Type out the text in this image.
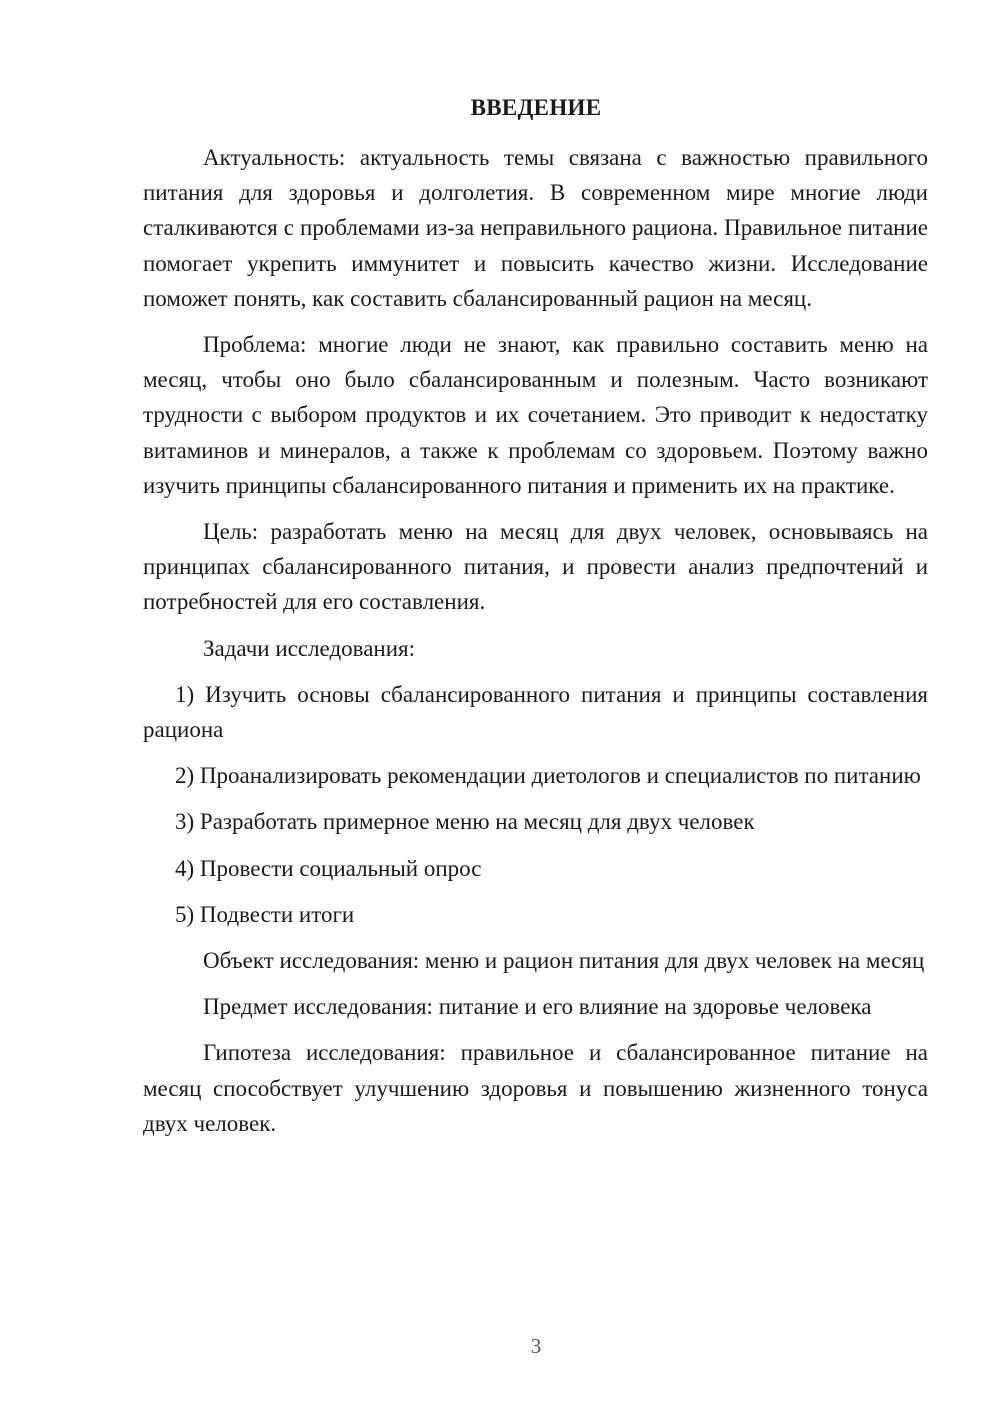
ВВЕДЕНИЕ

Актуальность: актуальность темы связана с важностью правильного питания для здоровья и долголетия. В современном мире многие люди сталкиваются с проблемами из-за неправильного рациона. Правильное питание помогает укрепить иммунитет и повысить качество жизни. Исследование поможет понять, как составить сбалансированный рацион на месяц.

Проблема: многие люди не знают, как правильно составить меню на месяц, чтобы оно было сбалансированным и полезным. Часто возникают трудности с выбором продуктов и их сочетанием. Это приводит к недостатку витаминов и минералов, а также к проблемам со здоровьем. Поэтому важно изучить принципы сбалансированного питания и применить их на практике.

Цель: разработать меню на месяц для двух человек, основываясь на принципах сбалансированного питания, и провести анализ предпочтений и потребностей для его составления.

Задачи исследования:

1) Изучить основы сбалансированного питания и принципы составления рациона

2) Проанализировать рекомендации диетологов и специалистов по питанию

3) Разработать примерное меню на месяц для двух человек

4) Провести социальный опрос

5) Подвести итоги

Объект исследования: меню и рацион питания для двух человек на месяц

Предмет исследования: питание и его влияние на здоровье человека

Гипотеза исследования: правильное и сбалансированное питание на месяц способствует улучшению здоровья и повышению жизненного тонуса двух человек.

3
